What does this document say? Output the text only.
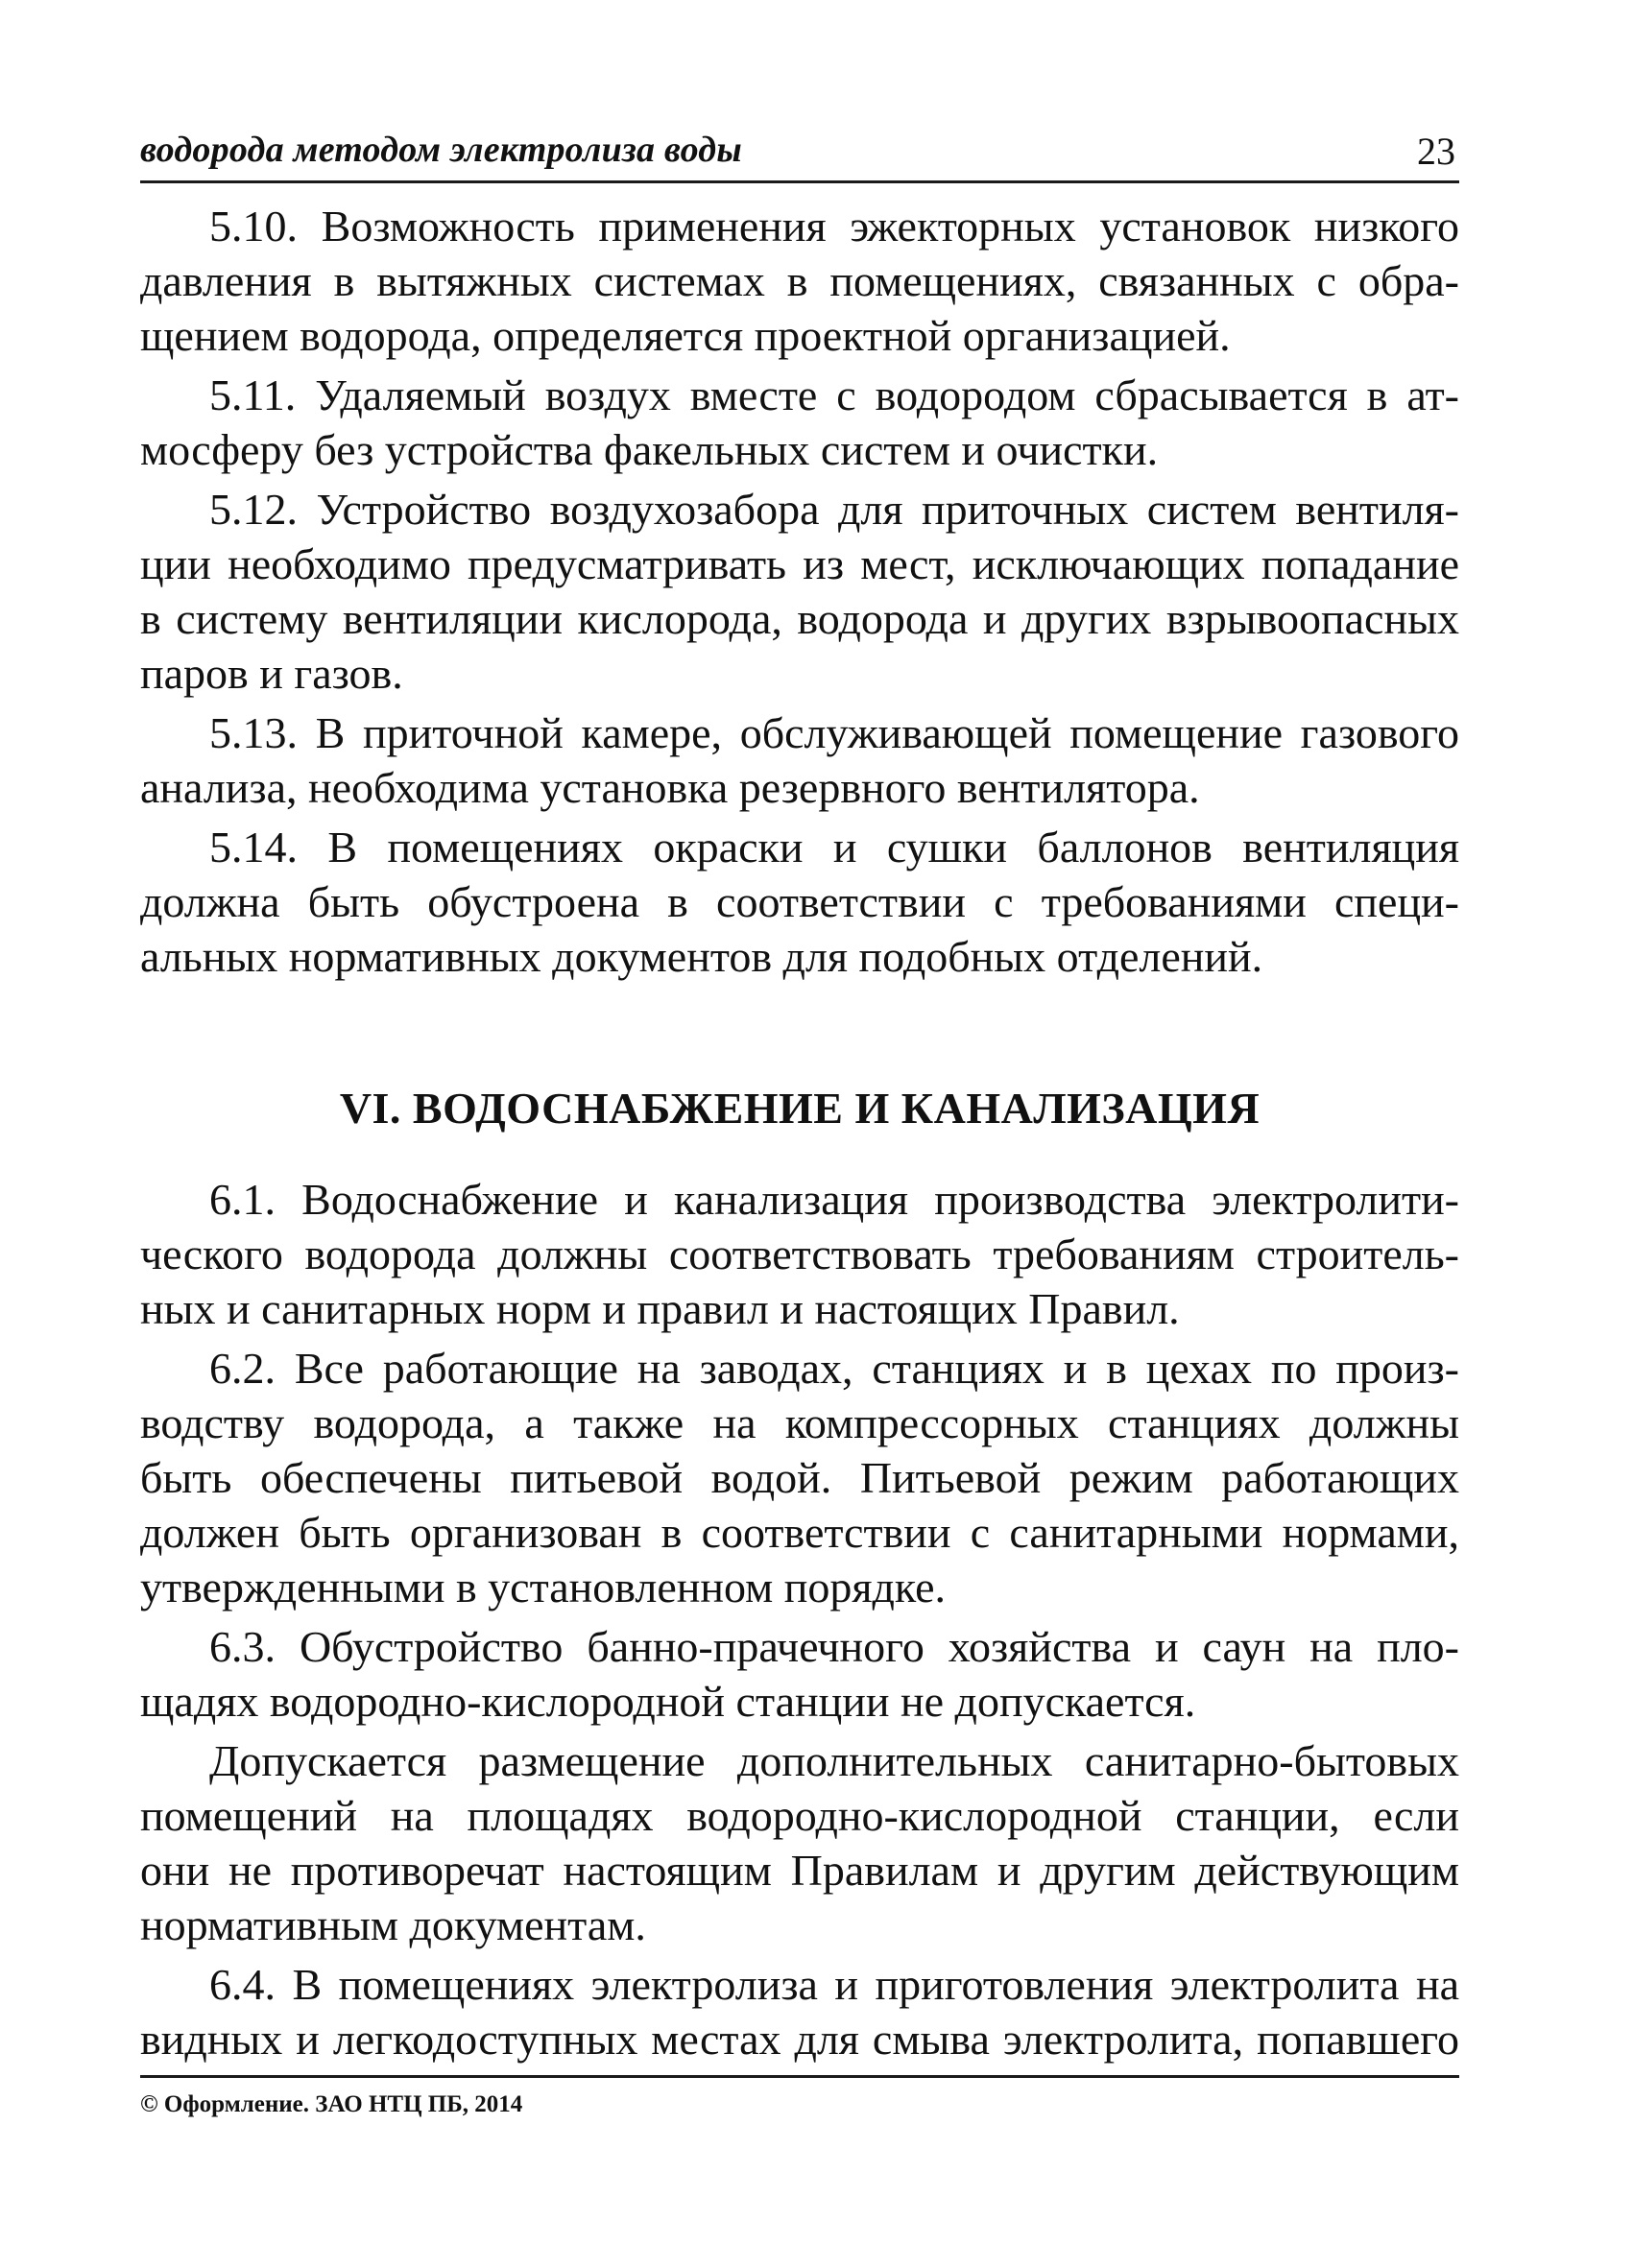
водорода методом электролиза воды	23
5.10. Возможность применения эжекторных установок низкого
давления в вытяжных системах в помещениях, связанных с обра-
щением водорода, определяется проектной организацией.
5.11. Удаляемый воздух вместе с водородом сбрасывается в ат-
мосферу без устройства факельных систем и очистки.
5.12. Устройство воздухозабора для приточных систем вентиля-
ции необходимо предусматривать из мест, исключающих попадание
в систему вентиляции кислорода, водорода и других взрывоопасных
паров и газов.
5.13. В приточной камере, обслуживающей помещение газового
анализа, необходима установка резервного вентилятора.
5.14. В помещениях окраски и сушки баллонов вентиляция
должна быть обустроена в соответствии с требованиями специ-
альных нормативных документов для подобных отделений.
VI. ВОДОСНАБЖЕНИЕ И КАНАЛИЗАЦИЯ
6.1. Водоснабжение и канализация производства электролити-
ческого водорода должны соответствовать требованиям строитель-
ных и санитарных норм и правил и настоящих Правил.
6.2. Все работающие на заводах, станциях и в цехах по произ-
водству водорода, а также на компрессорных станциях должны
быть обеспечены питьевой водой. Питьевой режим работающих
должен быть организован в соответствии с санитарными нормами,
утвержденными в установленном порядке.
6.3. Обустройство банно-прачечного хозяйства и саун на пло-
щадях водородно-кислородной станции не допускается.
Допускается размещение дополнительных санитарно-бытовых
помещений на площадях водородно-кислородной станции, если
они не противоречат настоящим Правилам и другим действующим
нормативным документам.
6.4. В помещениях электролиза и приготовления электролита на
видных и легкодоступных местах для смыва электролита, попавшего
© Оформление. ЗАО НТЦ ПБ, 2014
